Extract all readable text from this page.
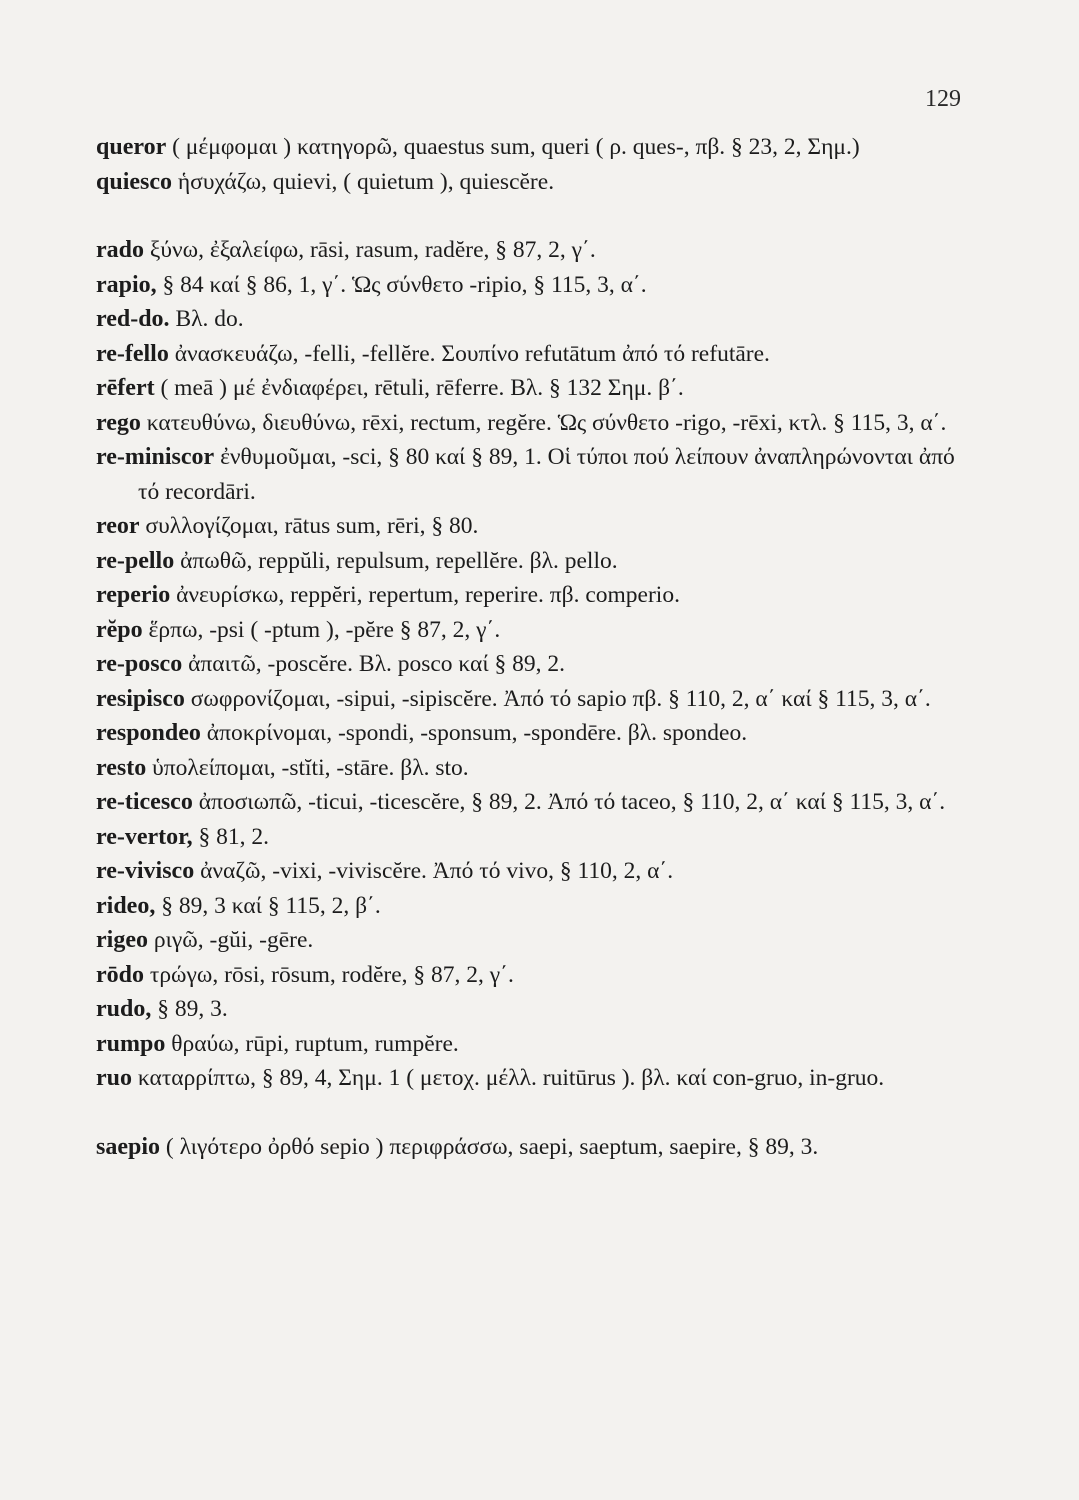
129

queror ( μέμφομαι ) κατηγορῶ, quaestus sum, queri ( ρ. ques-, πβ. § 23, 2, Σημ.)

quiesco ἡσυχάζω, quievi, ( quietum ), quiescĕre.

rado ξύνω, ἐξαλείφω, rāsi, rasum, radĕre, § 87, 2, γ΄.

rapio, § 84 καί § 86, 1, γ΄. Ὡς σύνθετο -ripio, § 115, 3, α΄.

red-do. Βλ. do.

re-fello ἀνασκευάζω, -felli, -fellĕre. Σουπίνο refutātum ἀπό τό refutāre.

rēfert ( meā ) μέ ἐνδιαφέρει, rētuli, rēferre. Βλ. § 132 Σημ. β΄.

rego κατευθύνω, διευθύνω, rēxi, rectum, regĕre. Ὡς σύνθετο -rigo, -rēxi, κτλ. § 115, 3, α΄.

re-miniscor ἐνθυμοῦμαι, -sci, § 80 καί § 89, 1. Οἱ τύποι πού λείπουν ἀναπληρώνονται ἀπό τό recordāri.

reor συλλογίζομαι, rātus sum, rēri, § 80.

re-pello ἀπωθῶ, reppŭli, repulsum, repellĕre. βλ. pello.

reperio ἀνευρίσκω, reppĕri, repertum, reperire. πβ. comperio.

rĕpo ἕρπω, -psi ( -ptum ), -pĕre § 87, 2, γ΄.

re-posco ἀπαιτῶ, -poscĕre. Βλ. posco καί § 89, 2.

resipisco σωφρονίζομαι, -sipui, -sipiscĕre. Ἀπό τό sapio πβ. § 110, 2, α΄ καί § 115, 3, α΄.

respondeo ἀποκρίνομαι, -spondi, -sponsum, -spondēre. βλ. spondeo.

resto ὑπολείπομαι, -stĭti, -stāre. βλ. sto.

re-ticesco ἀποσιωπῶ, -ticui, -ticescĕre, § 89, 2. Ἀπό τό taceo, § 110, 2, α΄ καί § 115, 3, α΄.

re-vertor, § 81, 2.

re-vivisco ἀναζῶ, -vixi, -viviscĕre. Ἀπό τό vivo, § 110, 2, α΄.

rideo, § 89, 3 καί § 115, 2, β΄.

rigeo ριγῶ, -gŭi, -gēre.

rōdo τρώγω, rōsi, rōsum, rodĕre, § 87, 2, γ΄.

rudo, § 89, 3.

rumpo θραύω, rūpi, ruptum, rumpĕre.

ruo καταρρίπτω, § 89, 4, Σημ. 1 ( μετοχ. μέλλ. ruitūrus ). βλ. καί con-gruo, in-gruo.

saepio ( λιγότερο ὀρθό sepio ) περιφράσσω, saepi, saeptum, saepire, § 89, 3.
